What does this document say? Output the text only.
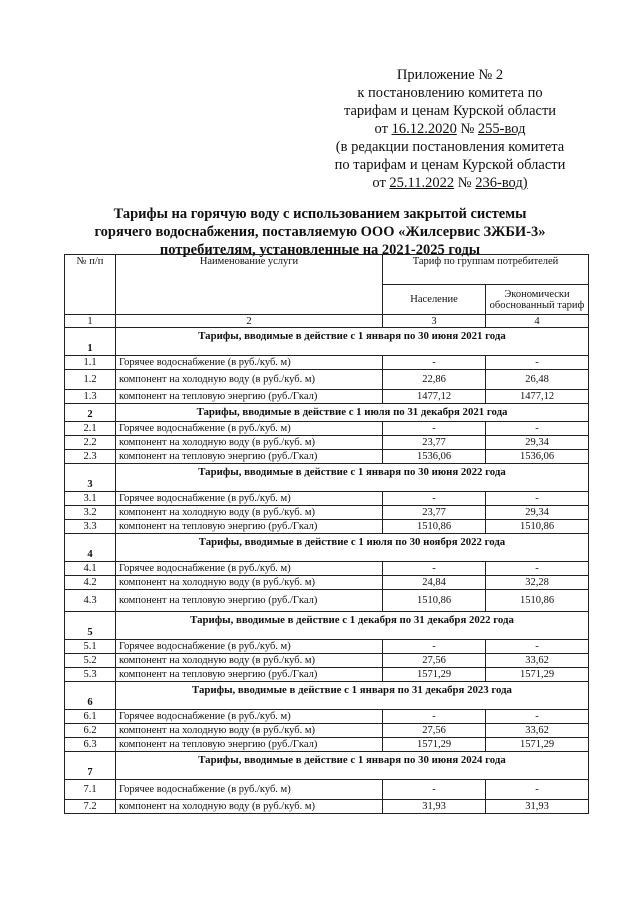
Приложение № 2
к постановлению комитета по
тарифам и ценам Курской области
от 16.12.2020 № 255-вод
(в редакции постановления комитета
по тарифам и ценам Курской области
от 25.11.2022 № 236-вод)
Тарифы на горячую воду с использованием закрытой системы
горячего водоснабжения, поставляемую ООО «Жилсервис ЗЖБИ-3»
потребителям, установленные на 2021-2025 годы
№ п/п	Наименование услуги	Тариф по группам потребителей	
		Население	Экономически обоснованный тариф
1	2	3	4
1	Тарифы, вводимые в действие с 1 января по 30 июня 2021 года		
1.1	Горячее водоснабжение (в руб./куб. м)	-	-
1.2	компонент на холодную воду (в руб./куб. м)	22,86	26,48
1.3	компонент на тепловую энергию (руб./Гкал)	1477,12	1477,12
2	Тарифы, вводимые в действие с 1 июля по 31 декабря 2021 года		
2.1	Горячее водоснабжение (в руб./куб. м)	-	-
2.2	компонент на холодную воду (в руб./куб. м)	23,77	29,34
2.3	компонент на тепловую энергию (руб./Гкал)	1536,06	1536,06
3	Тарифы, вводимые в действие с 1 января по 30 июня 2022 года		
3.1	Горячее водоснабжение (в руб./куб. м)	-	-
3.2	компонент на холодную воду (в руб./куб. м)	23,77	29,34
3.3	компонент на тепловую энергию (руб./Гкал)	1510,86	1510,86
4	Тарифы, вводимые в действие с 1 июля по 30 ноября 2022 года		
4.1	Горячее водоснабжение (в руб./куб. м)	-	-
4.2	компонент на холодную воду (в руб./куб. м)	24,84	32,28
4.3	компонент на тепловую энергию (руб./Гкал)	1510,86	1510,86
5	Тарифы, вводимые в действие с 1 декабря по 31 декабря 2022 года		
5.1	Горячее водоснабжение (в руб./куб. м)	-	-
5.2	компонент на холодную воду (в руб./куб. м)	27,56	33,62
5.3	компонент на тепловую энергию (руб./Гкал)	1571,29	1571,29
6	Тарифы, вводимые в действие с 1 января по 31 декабря 2023 года		
6.1	Горячее водоснабжение (в руб./куб. м)	-	-
6.2	компонент на холодную воду (в руб./куб. м)	27,56	33,62
6.3	компонент на тепловую энергию (руб./Гкал)	1571,29	1571,29
7	Тарифы, вводимые в действие с 1 января по 30 июня 2024 года		
7.1	Горячее водоснабжение (в руб./куб. м)	-	-
7.2	компонент на холодную воду (в руб./куб. м)	31,93	31,93
